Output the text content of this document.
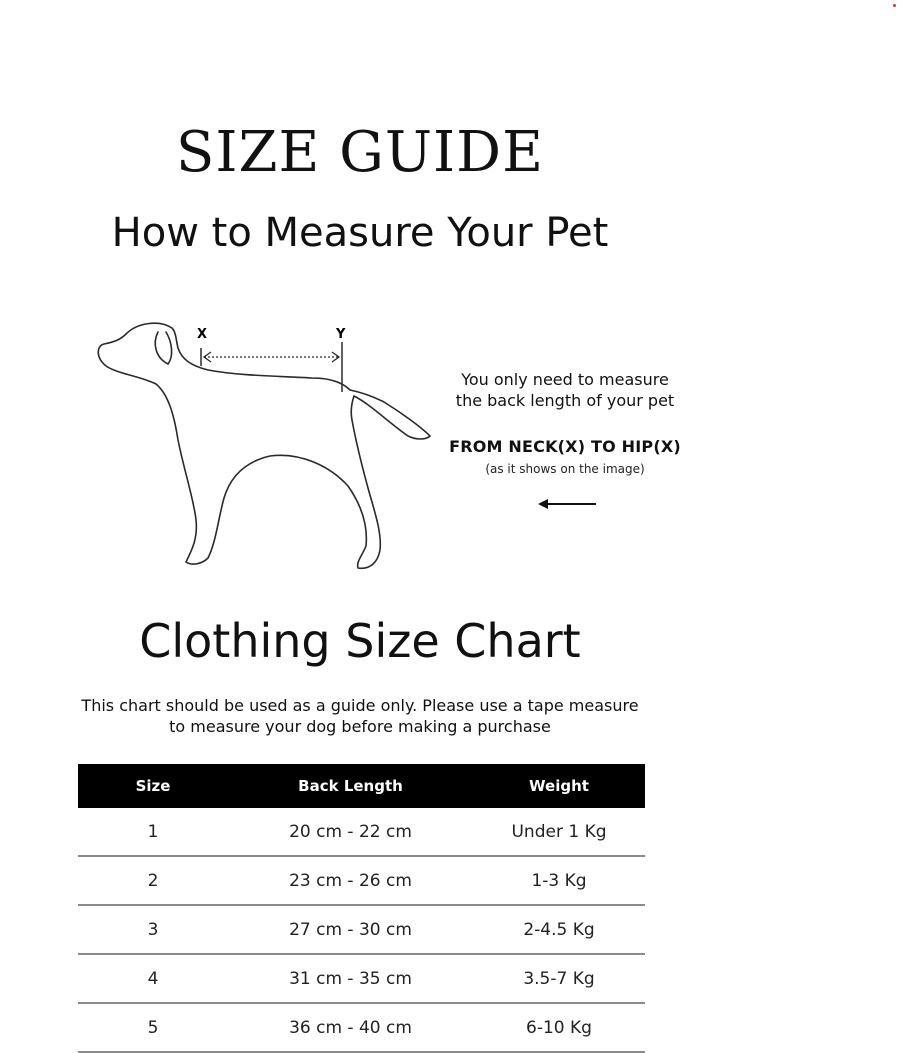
SIZE GUIDE
How to Measure Your Pet
X	Y
You only need to measure
the back length of your pet
FROM NECK(X) TO HIP(X)
(as it shows on the image)
Clothing Size Chart
This chart should be used as a guide only. Please use a tape measure
to measure your dog before making a purchase
Size	Back Length	Weight
1	20 cm - 22 cm	Under 1 Kg
2	23 cm - 26 cm	1-3 Kg
3	27 cm - 30 cm	2-4.5 Kg
4	31 cm - 35 cm	3.5-7 Kg
5	36 cm - 40 cm	6-10 Kg
